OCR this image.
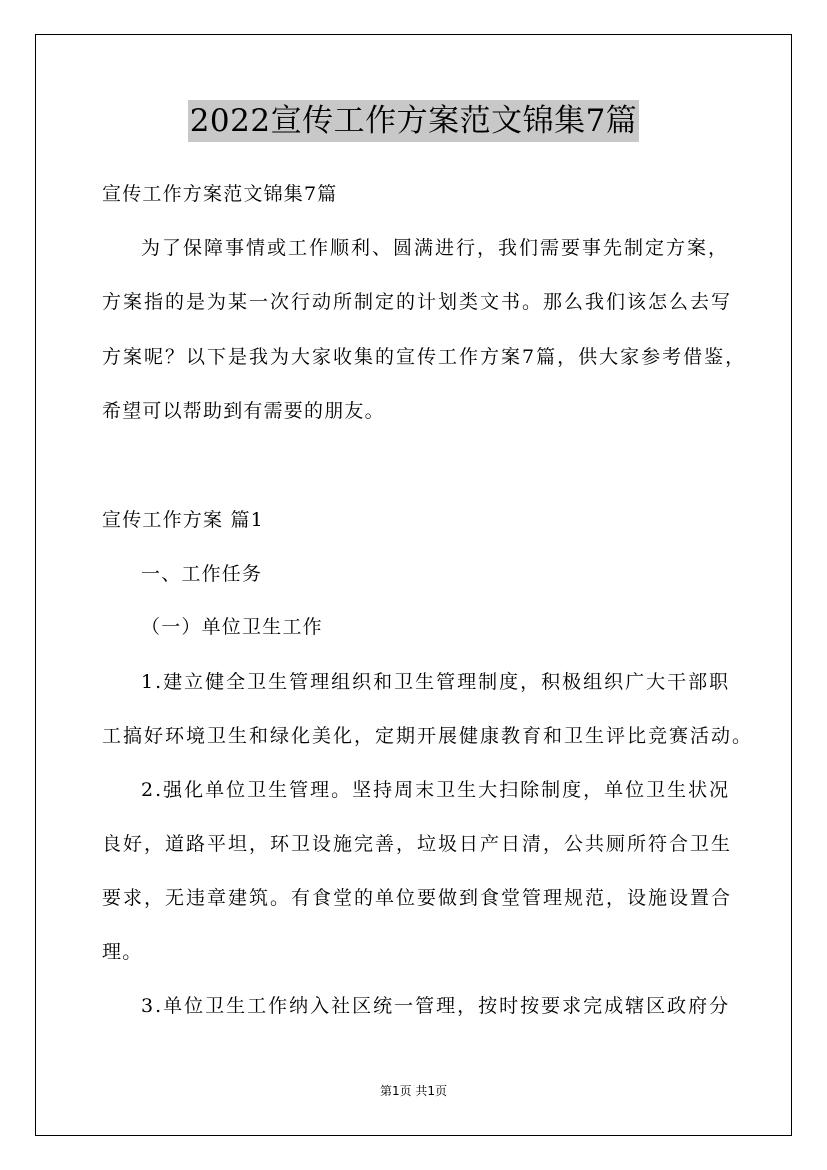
2022宣传工作方案范文锦集7篇
宣传工作方案范文锦集7篇
为了保障事情或工作顺利、圆满进行，我们需要事先制定方案，
方案指的是为某一次行动所制定的计划类文书。那么我们该怎么去写
方案呢？以下是我为大家收集的宣传工作方案7篇，供大家参考借鉴，
希望可以帮助到有需要的朋友。
宣传工作方案 篇1
一、工作任务
（一）单位卫生工作
1.建立健全卫生管理组织和卫生管理制度，积极组织广大干部职
工搞好环境卫生和绿化美化，定期开展健康教育和卫生评比竞赛活动。
2.强化单位卫生管理。坚持周末卫生大扫除制度，单位卫生状况
良好，道路平坦，环卫设施完善，垃圾日产日清，公共厕所符合卫生
要求，无违章建筑。有食堂的单位要做到食堂管理规范，设施设置合
理。
3.单位卫生工作纳入社区统一管理，按时按要求完成辖区政府分
第1页 共1页
